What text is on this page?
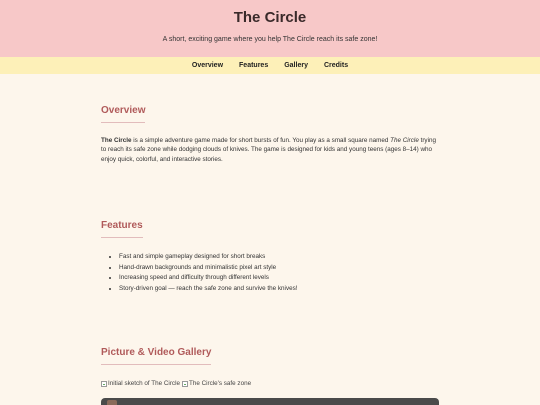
The Circle

A short, exciting game where you help The Circle reach its safe zone!

Overview	Features	Gallery	Credits
Overview

The Circle is a simple adventure game made for short bursts of fun. You play as a small square named The Circle trying to reach its safe zone while dodging clouds of knives. The game is designed for kids and young teens (ages 8–14) who enjoy quick, colorful, and interactive stories.

Features
• Fast and simple gameplay designed for short breaks
• Hand-drawn backgrounds and minimalistic pixel art style
• Increasing speed and difficulty through different levels
• Story-driven goal — reach the safe zone and survive the knives!
Picture & Video Gallery
Initial sketch of The Circle The Circle's safe zone
